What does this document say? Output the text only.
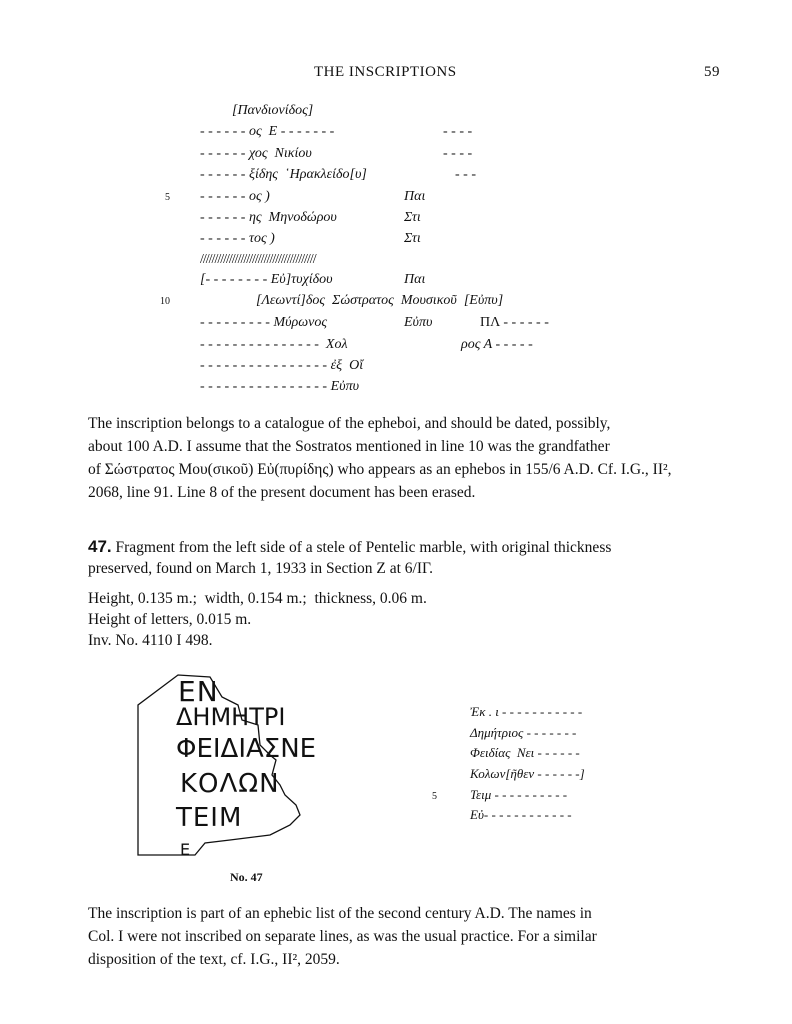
THE INSCRIPTIONS	59
[Πανδιονίδος]
- - - - - - ος  Ε - - - - - - -	- - - -
- - - - - - χος  Νικίου	- - - -
- - - - - - ξίδης  ῾Ηρακλείδο[υ]	- - -
5 - - - - - - ος )	Παι
- - - - - - ης  Μηνοδώρου	Στι
- - - - - - τος )	Στι
////////////////////////////////////////
[- - - - - - - - Εὐ]τυχίδου	Παι
10	[Λεωντί]δος  Σώστρατος  Μουσικοῦ  [Εὐπυ]
- - - - - - - - - Μύρωνος	Εὐπυ	ΠΛ - - - - - -
- - - - - - - - - - - - - - -  Χολ	ρος Α - - - - -
- - - - - - - - - - - - - - - - ἐξ  Οἴ
- - - - - - - - - - - - - - - - Εὐπυ
The inscription belongs to a catalogue of the epheboi, and should be dated, possibly,
about 100 A.D. I assume that the Sostratos mentioned in line 10 was the grandfather
of Σώστρατος Μου(σικοῦ) Εὐ(πυρίδης) who appears as an ephebos in 155/6 A.D. Cf. I.G., II²,
2068, line 91. Line 8 of the present document has been erased.
47. Fragment from the left side of a stele of Pentelic marble, with original thickness
preserved, found on March 1, 1933 in Section Z at 6/ΙΓ.
Height, 0.135 m.;  width, 0.154 m.;  thickness, 0.06 m.
Height of letters, 0.015 m.
Inv. No. 4110 I 498.
ΕΝ
ΔΗΜΗΤΡΙ
ΦΕΙΔΙΑΣΝΕ
ΚΟΛΩΝ
ΤΕΙΜ
Ε
No. 47
Ἐκ . ι - - - - - - - - - - -
Δημήτριος - - - - - - -
Φειδίας  Νει - - - - - -
Κολων[ῆθεν - - - - - -]
5	Τειμ - - - - - - - - - -
Εὐ- - - - - - - - - - - -
The inscription is part of an ephebic list of the second century A.D. The names in
Col. I were not inscribed on separate lines, as was the usual practice. For a similar
disposition of the text, cf. I.G., II², 2059.
